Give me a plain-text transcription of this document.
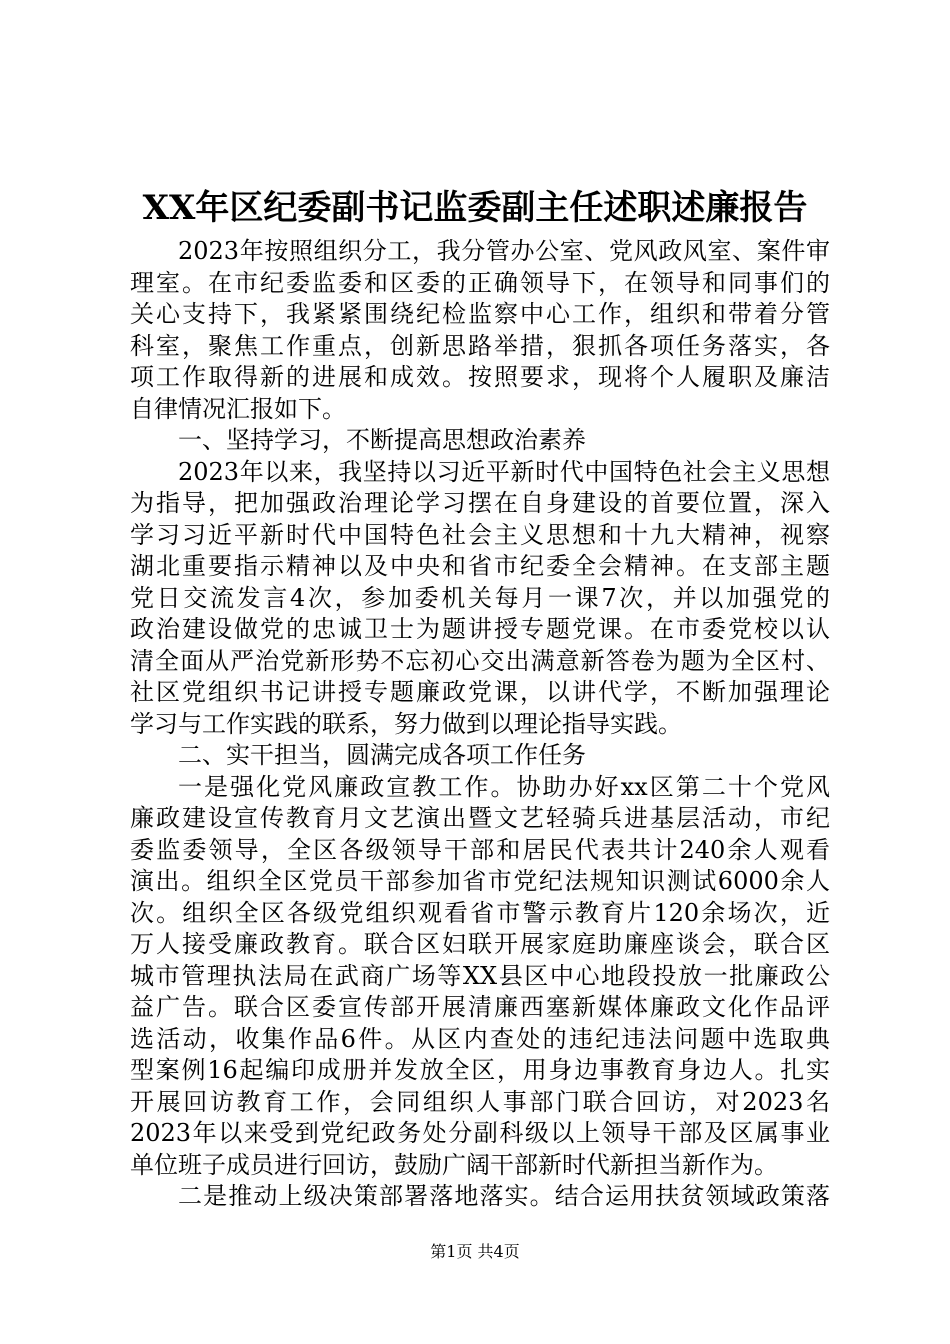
XX年区纪委副书记监委副主任述职述廉报告
2023年按照组织分工，我分管办公室、党风政风室、案件审
理室。在市纪委监委和区委的正确领导下，在领导和同事们的
关心支持下，我紧紧围绕纪检监察中心工作，组织和带着分管
科室，聚焦工作重点，创新思路举措，狠抓各项任务落实，各
项工作取得新的进展和成效。按照要求，现将个人履职及廉洁
自律情况汇报如下。
一、坚持学习，不断提高思想政治素养
2023年以来，我坚持以习近平新时代中国特色社会主义思想
为指导，把加强政治理论学习摆在自身建设的首要位置，深入
学习习近平新时代中国特色社会主义思想和十九大精神，视察
湖北重要指示精神以及中央和省市纪委全会精神。在支部主题
党日交流发言4次，参加委机关每月一课7次，并以加强党的
政治建设做党的忠诚卫士为题讲授专题党课。在市委党校以认
清全面从严治党新形势不忘初心交出满意新答卷为题为全区村、
社区党组织书记讲授专题廉政党课，以讲代学，不断加强理论
学习与工作实践的联系，努力做到以理论指导实践。
二、实干担当，圆满完成各项工作任务
一是强化党风廉政宣教工作。协助办好xx区第二十个党风
廉政建设宣传教育月文艺演出暨文艺轻骑兵进基层活动，市纪
委监委领导，全区各级领导干部和居民代表共计240余人观看
演出。组织全区党员干部参加省市党纪法规知识测试6000余人
次。组织全区各级党组织观看省市警示教育片120余场次，近
万人接受廉政教育。联合区妇联开展家庭助廉座谈会，联合区
城市管理执法局在武商广场等XX县区中心地段投放一批廉政公
益广告。联合区委宣传部开展清廉西塞新媒体廉政文化作品评
选活动，收集作品6件。从区内查处的违纪违法问题中选取典
型案例16起编印成册并发放全区，用身边事教育身边人。扎实
开展回访教育工作，会同组织人事部门联合回访，对2023名
2023年以来受到党纪政务处分副科级以上领导干部及区属事业
单位班子成员进行回访，鼓励广阔干部新时代新担当新作为。
二是推动上级决策部署落地落实。结合运用扶贫领域政策落
第1页 共4页
